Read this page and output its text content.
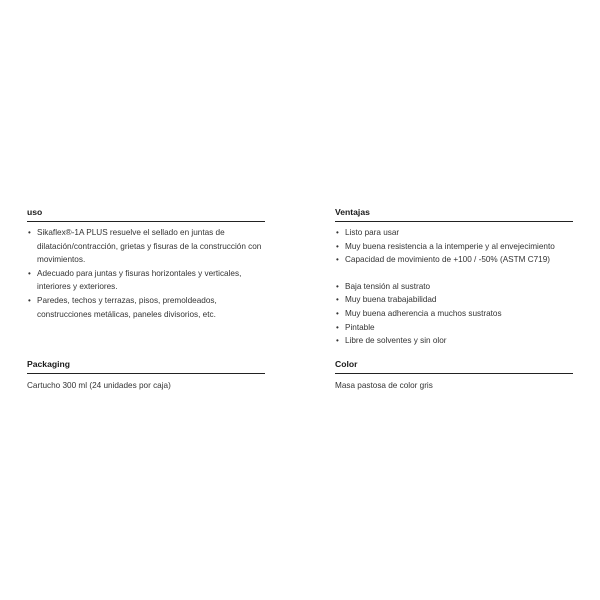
uso
• Sikaflex®-1A PLUS resuelve el sellado en juntas de dilatación/contracción, grietas y fisuras de la construcción con movimientos.
• Adecuado para juntas y fisuras horizontales y verticales, interiores y exteriores.
• Paredes, techos y terrazas, pisos, premoldeados, construcciones metálicas, paneles divisorios, etc.
Ventajas
• Listo para usar
• Muy buena resistencia a la intemperie y al envejecimiento
• Capacidad de movimiento de +100 / -50% (ASTM C719)
• Baja tensión al sustrato
• Muy buena trabajabilidad
• Muy buena adherencia a muchos sustratos
• Pintable
• Libre de solventes y sin olor
Packaging

Cartucho 300 ml (24 unidades por caja)

Color

Masa pastosa de color gris
